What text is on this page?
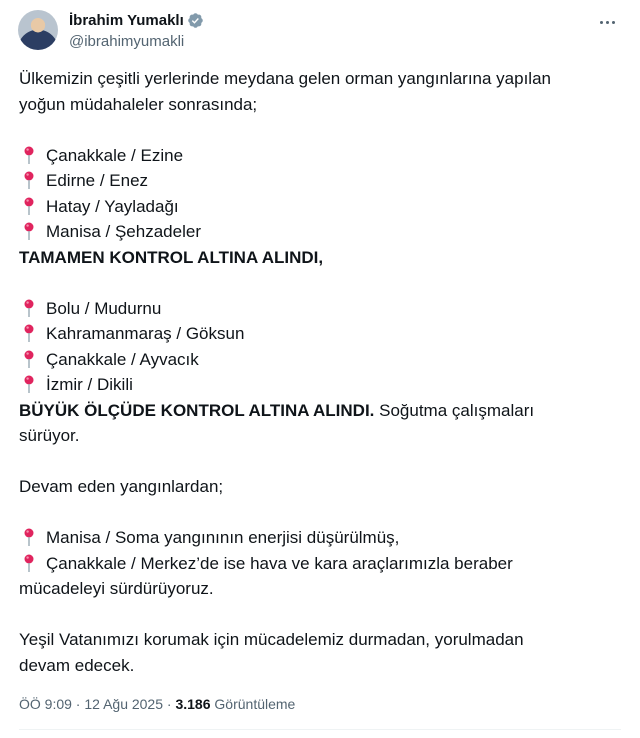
İbrahim Yumaklı
@ibrahimyumakli
Ülkemizin çeşitli yerlerinde meydana gelen orman yangınlarına yapılan
yoğun müdahaleler sonrasında;
Çanakkale / Ezine
Edirne / Enez
Hatay / Yayladağı
Manisa / Şehzadeler
TAMAMEN KONTROL ALTINA ALINDI,
Bolu / Mudurnu
Kahramanmaraş / Göksun
Çanakkale / Ayvacık
İzmir / Dikili
BÜYÜK ÖLÇÜDE KONTROL ALTINA ALINDI. Soğutma çalışmaları
sürüyor.
Devam eden yangınlardan;
Manisa / Soma yangınının enerjisi düşürülmüş,
Çanakkale / Merkez’de ise hava ve kara araçlarımızla beraber
mücadeleyi sürdürüyoruz.
Yeşil Vatanımızı korumak için mücadelemiz durmadan, yorulmadan
devam edecek.
ÖÖ 9:09 · 12 Ağu 2025 · 3.186 Görüntüleme
